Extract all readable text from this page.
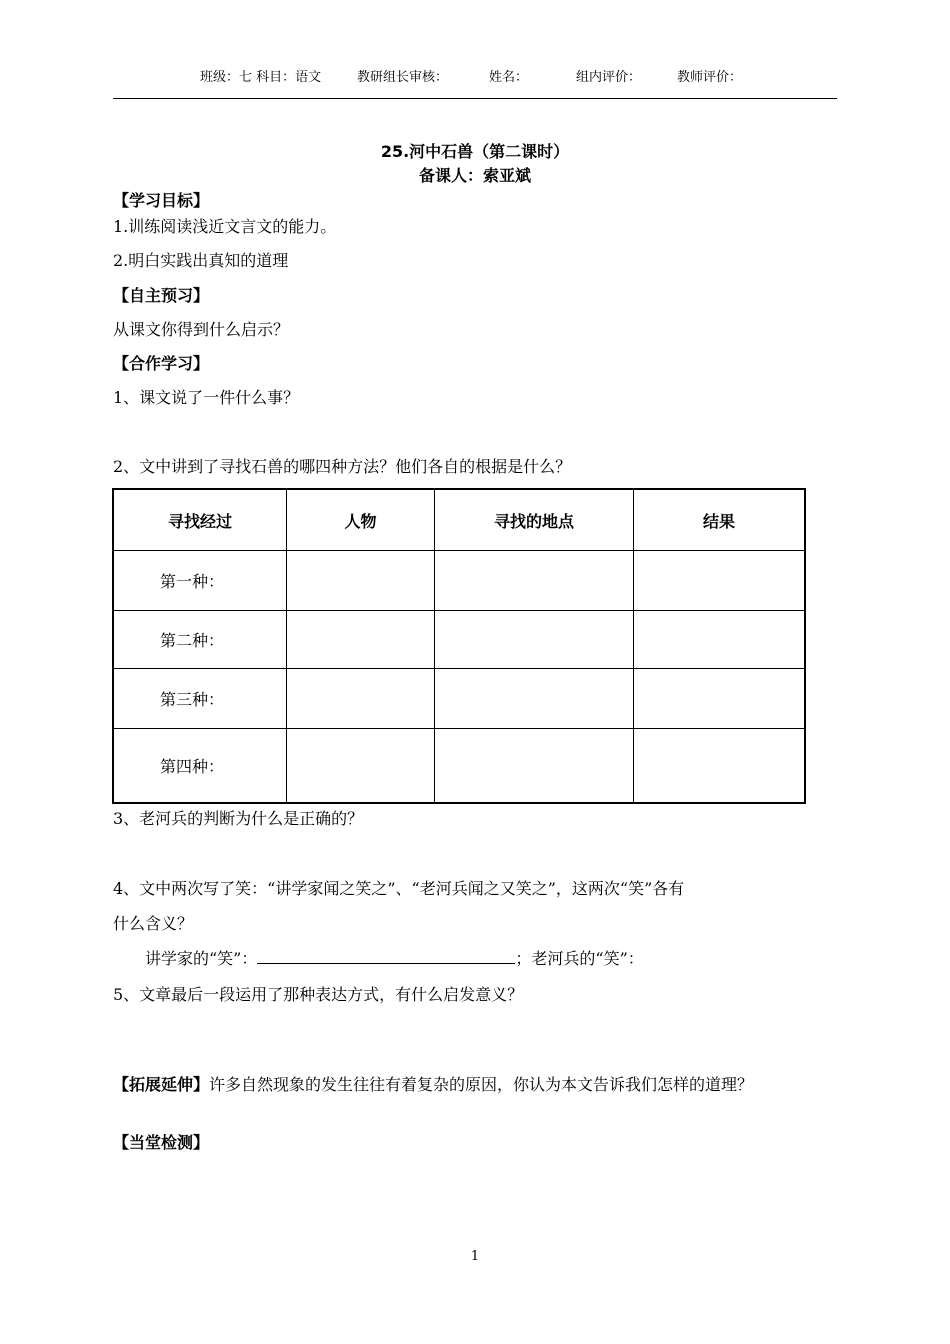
班级：七 科目：语文	教研组长审核：	姓名：	组内评价：	教师评价：
25.河中石兽（第二课时）
备课人：索亚斌
【学习目标】
1.训练阅读浅近文言文的能力。
2.明白实践出真知的道理
【自主预习】
从课文你得到什么启示？
【合作学习】
1、课文说了一件什么事？
2、文中讲到了寻找石兽的哪四种方法？他们各自的根据是什么？
寻找经过	人物	寻找的地点	结果
第一种：			
第二种：			
第三种：			
第四种：			
3、老河兵的判断为什么是正确的？
4、文中两次写了笑：“讲学家闻之笑之”、“老河兵闻之又笑之”，这两次“笑”各有
什么含义？
讲学家的“笑”：	；老河兵的“笑”：
5、文章最后一段运用了那种表达方式，有什么启发意义？
【拓展延伸】许多自然现象的发生往往有着复杂的原因，你认为本文告诉我们怎样的道理？
【当堂检测】
1
